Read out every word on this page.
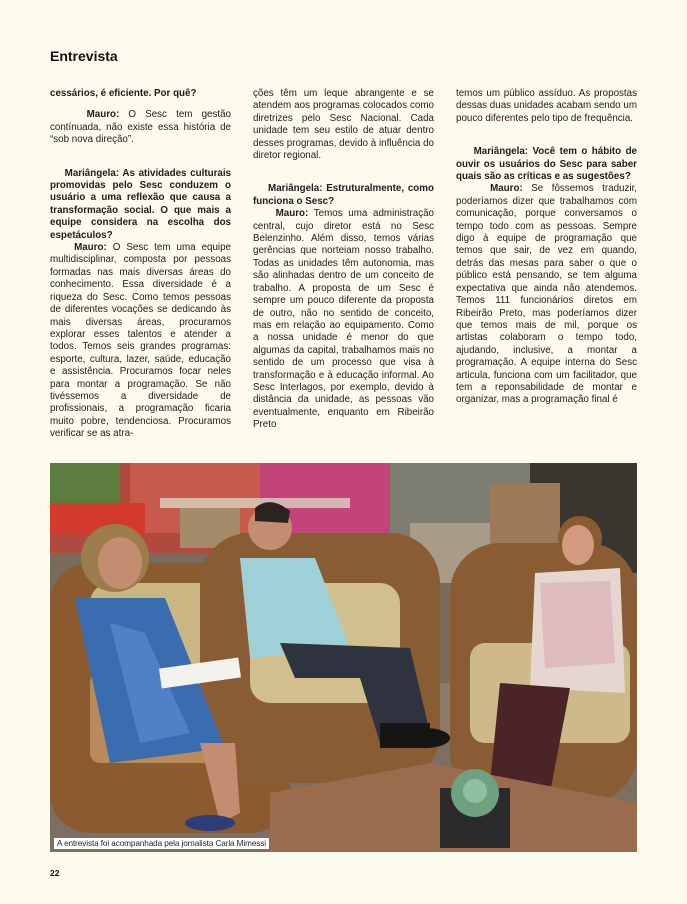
Entrevista

cessários, é eficiente. Por quê?

Mauro: O Sesc tem gestão contínuada, não existe essa história de “sob nova direção”.

Mariângela: As atividades culturais promovidas pelo Sesc conduzem o usuário a uma reflexão que causa a transformação social. O que mais a equipe considera na escolha dos espetáculos?

Mauro: O Sesc tem uma equipe multidisciplinar, composta por pessoas formadas nas mais diversas áreas do conhecimento. Essa diversidade é a riqueza do Sesc. Como temos pessoas de diferentes vocações se dedicando às mais diversas áreas, procuramos explorar esses talentos e atender a todos. Temos seis grandes programas: esporte, cultura, lazer, saúde, educação e assistência. Procuramos focar neles para montar a programação. Se não tivéssemos a diversidade de profissionais, a programação ficaria muito pobre, tendenciosa. Procuramos verificar se as atra-

ções têm um leque abrangente e se atendem aos programas colocados como diretrizes pelo Sesc Nacional. Cada unidade tem seu estilo de atuar dentro desses programas, devido à influência do diretor regional.

Mariângela: Estruturalmente, como funciona o Sesc?

Mauro: Temos uma administração central, cujo diretor está no Sesc Belenzinho. Além disso, temos várias gerências que norteiam nosso trabalho. Todas as unidades têm autonomia, mas são alinhadas dentro de um conceito de trabalho. A proposta de um Sesc é sempre um pouco diferente da proposta de outro, não no sentido de conceito, mas em relação ao equipamento. Como a nossa unidade é menor do que algumas da capital, trabalhamos mais no sentido de um processo que visa à transformação e à educação informal. Ao Sesc Interlagos, por exemplo, devido à distância da unidade, as pessoas vão eventualmente, enquanto em Ribeirão Preto

temos um público assíduo. As propostas dessas duas unidades acabam sendo um pouco diferentes pelo tipo de frequência.

Mariângela: Você tem o hábito de ouvir os usuários do Sesc para saber quais são as críticas e as sugestões?

Mauro: Se fôssemos traduzir, poderíamos dizer que trabalhamos com comunicação, porque conversamos o tempo todo com as pessoas. Sempre digo à equipe de programação que temos que sair, de vez em quando, detrás das mesas para saber o que o público está pensando, se tem alguma expectativa que ainda não atendemos. Temos 111 funcionários diretos em Ribeirão Preto, mas poderíamos dizer que temos mais de mil, porque os artistas colaboram o tempo todo, ajudando, inclusive, a montar a programação. A equipe interna do Sesc articula, funciona com um facilitador, que tem a reponsabilidade de montar e organizar, mas a programação final é

A entrevista foi acompanhada pela jornalista Carla Mimessi
22
